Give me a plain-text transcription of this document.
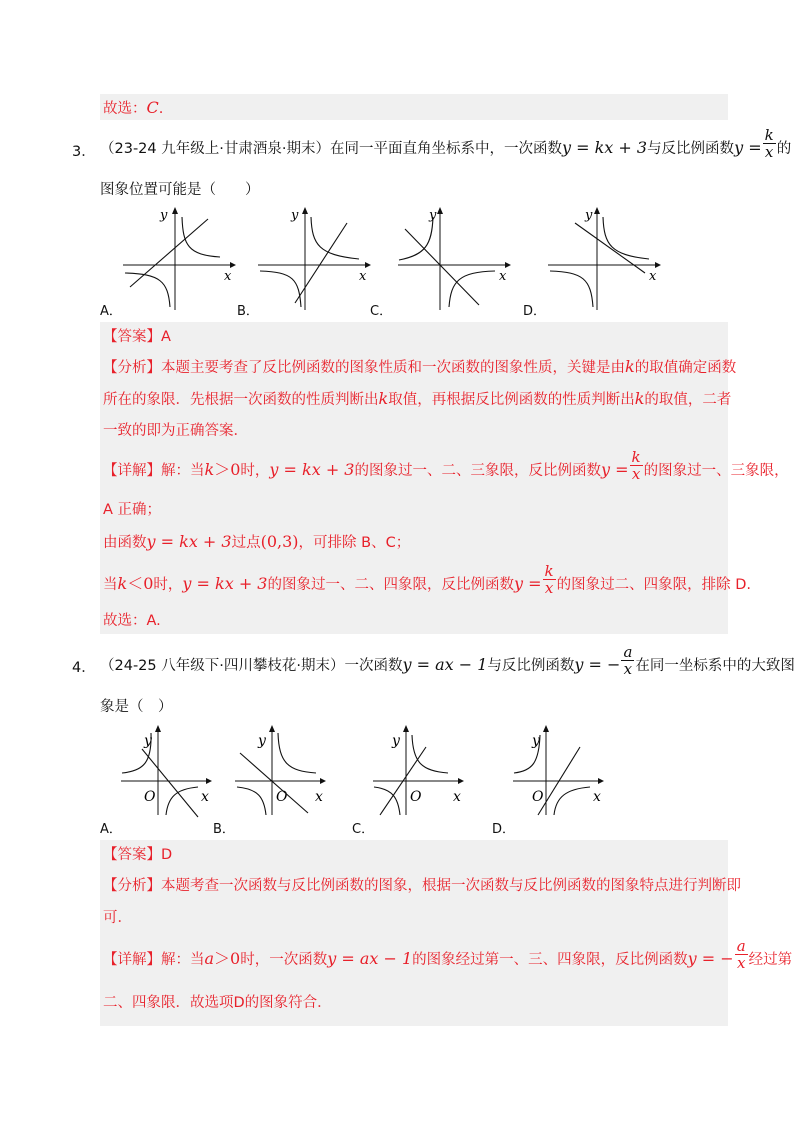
故选：C.
3． （23-24 九年级上·甘肃酒泉·期末）在同一平面直角坐标系中，一次函数y = kx + 3与反比例函数$y = \frac{k}{x}$ 的
图象位置可能是（　　）
x
y
A．
x
y
B．
x
y
C．
x
y
D．
【答案】A
【分析】本题主要考查了反比例函数的图象性质和一次函数的图象性质，关键是由k的取值确定函数
所在的象限．先根据一次函数的性质判断出k取值，再根据反比例函数的性质判断出k的取值，二者
一致的即为正确答案．
【详解】解：当k＞0时，y = kx + 3的图象过一、二、三象限，反比例函数$y = \frac{k}{x}$ 的图象过一、三象限，
A 正确；
由函数y = kx + 3过点(0,3)，可排除 B、C；
当k＜0时，y = kx + 3的图象过一、二、四象限，反比例函数$y = \frac{k}{x}$ 的图象过二、四象限，排除 D.
故选：A.
4． （24-25 八年级下·四川攀枝花·期末）一次函数y = ax − 1与反比例函数y = − $\frac{a}{x}$ 在同一坐标系中的大致图
象是（　）
x
y
O
A．
x
y
O
B．
x
y
O
C．
x
y
O
D．
【答案】D
【分析】本题考查一次函数与反比例函数的图象，根据一次函数与反比例函数的图象特点进行判断即
可．
【详解】解：当a＞0时，一次函数y = ax − 1的图象经过第一、三、四象限，反比例函数y = − $\frac{a}{x}$ 经过第
二、四象限．故选项D的图象符合．
